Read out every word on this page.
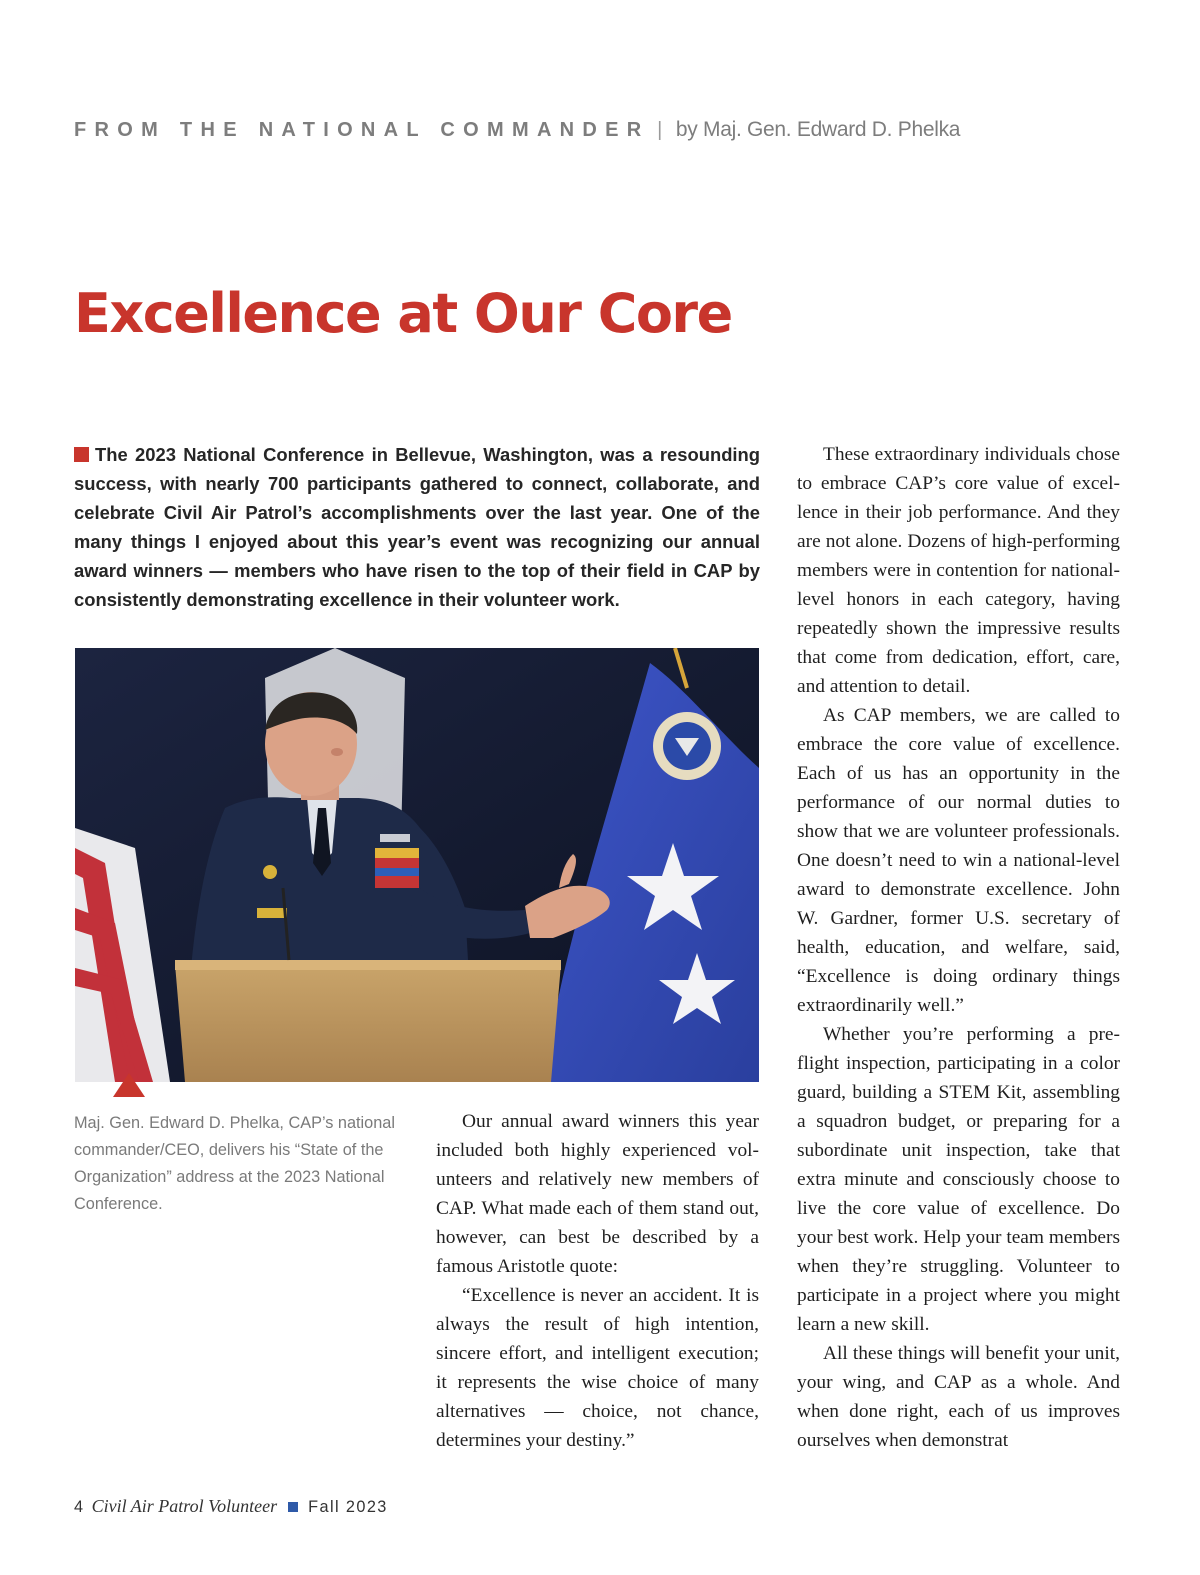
FROM THE NATIONAL COMMANDER | by Maj. Gen. Edward D. Phelka
Excellence at Our Core

The 2023 National Conference in Bellevue, Washington, was a resounding success, with nearly 700 participants gathered to connect, collaborate, and celebrate Civil Air Patrol’s accomplishments over the last year. One of the many things I enjoyed about this year’s event was recognizing our annual award winners — members who have risen to the top of their field in CAP by consistently demonstrating excellence in their volunteer work.

Maj. Gen. Edward D. Phelka, CAP’s national commander/CEO, delivers his “State of the Organization” address at the 2023 National Conference.

Our annual award winners this year included both highly experienced volunteers and relatively new members of CAP. What made each of them stand out, however, can best be described by a famous Aristotle quote:

“Excellence is never an accident. It is always the result of high intention, sincere effort, and intelligent execution; it represents the wise choice of many alternatives — choice, not chance, determines your destiny.”

These extraordinary individuals chose to embrace CAP’s core value of excellence in their job performance. And they are not alone. Dozens of high-performing members were in contention for national-level honors in each category, having repeatedly shown the impressive results that come from dedication, effort, care, and attention to detail.

As CAP members, we are called to embrace the core value of excellence. Each of us has an opportunity in the performance of our normal duties to show that we are volunteer professionals. One doesn’t need to win a national-level award to demonstrate excellence. John W. Gardner, former U.S. secretary of health, education, and welfare, said, “Excellence is doing ordinary things extraordinarily well.”

Whether you’re performing a preflight inspection, participating in a color guard, building a STEM Kit, assembling a squadron budget, or preparing for a subordinate unit inspection, take that extra minute and consciously choose to live the core value of excellence. Do your best work. Help your team members when they’re struggling. Volunteer to participate in a project where you might learn a new skill.

All these things will benefit your unit, your wing, and CAP as a whole. And when done right, each of us improves ourselves when demonstrat

4 Civil Air Patrol Volunteer Fall 2023
